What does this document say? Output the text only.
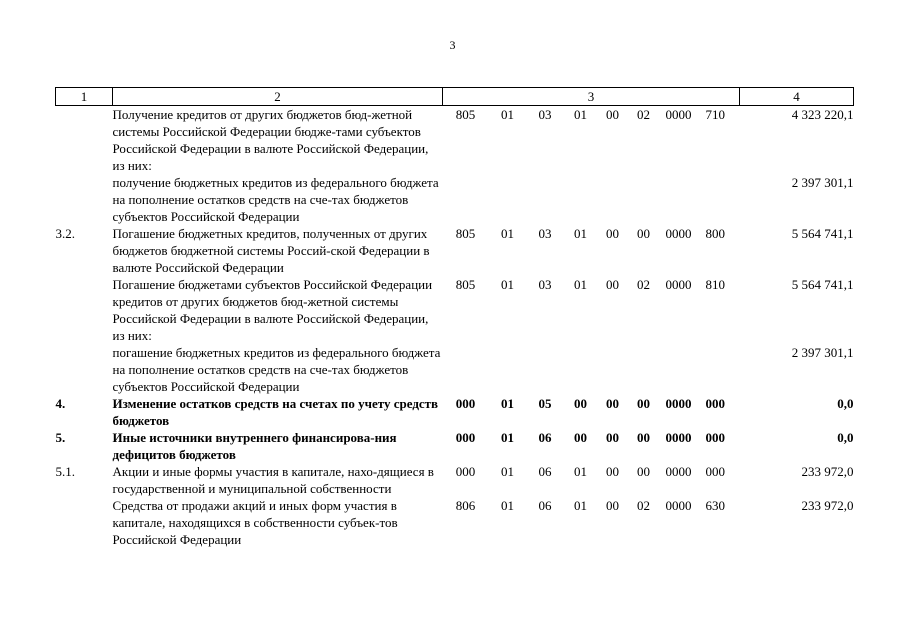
3
1	2	3								4
	Получение кредитов от других бюджетов бюд-жетной системы Российской Федерации бюдже-тами субъектов Российской Федерации в валюте Российской Федерации, из них:	805	01	03	01	00	02	0000	710	4 323 220,1
	получение бюджетных кредитов из федерального бюджета на пополнение остатков средств на сче-тах бюджетов субъектов Российской Федерации									2 397 301,1
3.2.	Погашение бюджетных кредитов, полученных от других бюджетов бюджетной системы Россий-ской Федерации в валюте Российской Федерации	805	01	03	01	00	00	0000	800	5 564 741,1
	Погашение бюджетами субъектов Российской Федерации кредитов от других бюджетов бюд-жетной системы Российской Федерации в валюте Российской Федерации, из них:	805	01	03	01	00	02	0000	810	5 564 741,1
	погашение бюджетных кредитов из федерального бюджета на пополнение остатков средств на сче-тах бюджетов субъектов Российской Федерации									2 397 301,1
4.	Изменение остатков средств на счетах по учету средств бюджетов	000	01	05	00	00	00	0000	000	0,0
5.	Иные источники внутреннего финансирова-ния дефицитов бюджетов	000	01	06	00	00	00	0000	000	0,0
5.1.	Акции и иные формы участия в капитале, нахо-дящиеся в государственной и муниципальной собственности	000	01	06	01	00	00	0000	000	233 972,0
	Средства от продажи акций и иных форм участия в капитале, находящихся в собственности субъек-тов Российской Федерации	806	01	06	01	00	02	0000	630	233 972,0
